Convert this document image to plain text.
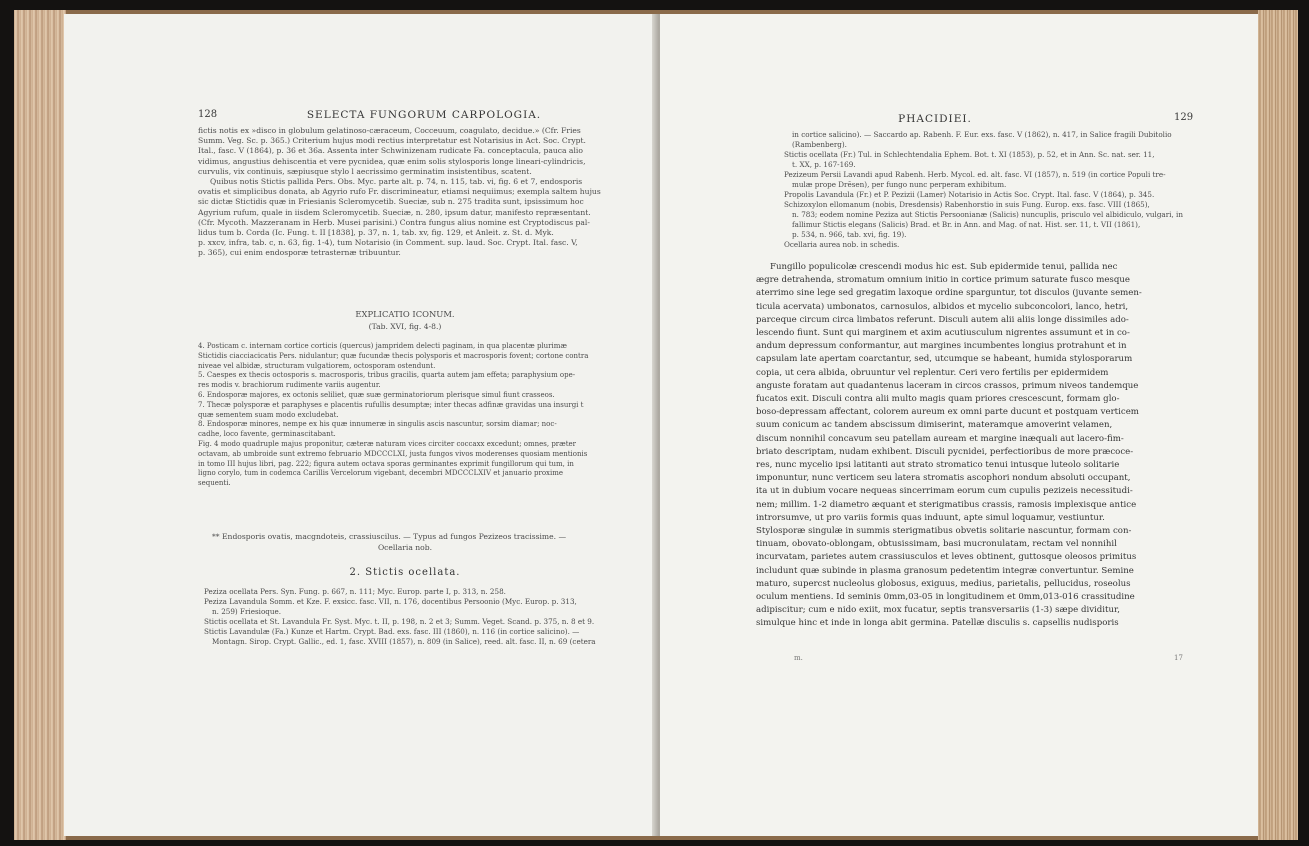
128	SELECTA FUNGORUM CARPOLOGIA.

fictis notis ex »disco in globulum gelatinoso-cæraceum, Cocceuum, coagulato, decidue.» (Cfr. Fries

Summ. Veg. Sc. p. 365.) Criterium hujus modi rectius interpretatur est Notarisius in Act. Soc. Crypt.

Ital., fasc. V (1864), p. 36 et 36a. Assenta inter Schwinizenam rudicate Fa. conceptacula, pauca alio

vidimus, angustius dehiscentia et vere pycnidea, quæ enim solis stylosporis longe lineari-cylindricis,

curvulis, vix continuis, sæpiusque stylo l aecrissimo germinatim insistentibus, scatent.

Quibus notis Stictis pallida Pers. Obs. Myc. parte alt. p. 74, n. 115, tab. vi, fig. 6 et 7, endosporis

ovatis et simplicibus donata, ab Agyrio rufo Fr. discrimineatur, etiamsi nequiimus; exempla saltem hujus

sic dictæ Stictidis quæ in Friesianis Scleromycetib. Sueciæ, sub n. 275 tradita sunt, ipsissimum hoc

Agyrium rufum, quale in iisdem Scleromycetib. Sueciæ, n. 280, ipsum datur, manifesto repræsentant.

(Cfr. Mycoth. Mazzeranam in Herb. Musei parisini.) Contra fungus alius nomine est Cryptodiscus pal-

lidus tum b. Corda (Ic. Fung. t. II [1838], p. 37, n. 1, tab. xv, fig. 129, et Anleit. z. St. d. Myk.

p. xxcv, infra, tab. c, n. 63, fig. 1-4), tum Notarisio (in Comment. sup. laud. Soc. Crypt. Ital. fasc. V,

p. 365), cui enim endosporæ tetrasternæ tribuuntur.

EXPLICATIO ICONUM.
(Tab. XVI, fig. 4-8.)

4. Posticam c. internam cortice corticis (quercus) jampridem delecti paginam, in qua placentæ plurimæ

Stictidis ciacciacicatis Pers. nidulantur; quæ fucundæ thecis polysporis et macrosporis fovent; cortone contra

niveae vel albidæ, structuram vulgatiorem, octosporam ostendunt.

5. Caespes ex thecis octosporis s. macrosporis, tribus gracilis, quarta autem jam effeta; paraphysium ope-

res modis v. brachiorum rudimente variis augentur.

6. Endosporæ majores, ex octonis seliliet, quæ suæ germinatoriorum plerisque simul fiunt crasseos.

7. Thecæ polysporæ et paraphyses e placentis rufullis desumptæ; inter thecas adfinæ gravidas una insurgi t

quæ sementem suam modo excludebat.

8. Endosporæ minores, nempe ex his quæ innumeræ in singulis ascis nascuntur, sorsim diamar; noc-

cadhe, loco favente, germinascitabant.

Fig. 4 modo quadruple majus proponitur, cæteræ naturam vices circiter coccaxx excedunt; omnes, præter

octavam, ab umbroide sunt extremo februario MDCCCLXI, justa fungos vivos moderenses quosiam mentionis

in tomo III hujus libri, pag. 222; figura autem octava sporas germinantes exprimit fungillorum qui tum, in

ligno corylo, tum in codemca Carillis Vercelorum vigebant, decembri MDCCCLXIV et januario proxime

sequenti.

** Endosporis ovatis, macgndoteis, crassiuscilus. — Typus ad fungos Pezizeos tracissime. —
Ocellaria nob.
2. Stictis ocellata.

Peziza ocellata Pers. Syn. Fung. p. 667, n. 111; Myc. Europ. parte I, p. 313, n. 258.

Peziza Lavandula Somm. et Kze. F. exsicc. fasc. VII, n. 176, docentibus Persoonio (Myc. Europ. p. 313,

n. 259) Friesioque.

Stictis ocellata et St. Lavandula Fr. Syst. Myc. t. II, p. 198, n. 2 et 3; Summ. Veget. Scand. p. 375, n. 8 et 9.

Stictis Lavandulæ (Fa.) Kunze et Hartm. Crypt. Bad. exs. fasc. III (1860), n. 116 (in cortice salicino). —

Montagn. Sirop. Crypt. Gallic., ed. 1, fasc. XVIII (1857), n. 809 (in Salice), reed. alt. fasc. II, n. 69 (cetera

PHACIDIEI.	129

in cortice salicino). — Saccardo ap. Rabenh. F. Eur. exs. fasc. V (1862), n. 417, in Salice fragili Dubitolio

(Rambenberg).

Stictis ocellata (Fr.) Tul. in Schlechtendalia Ephem. Bot. t. XI (1853), p. 52, et in Ann. Sc. nat. ser. 11,

t. XX, p. 167-169.

Pezizeum Persii Lavandi apud Rabenh. Herb. Mycol. ed. alt. fasc. VI (1857), n. 519 (in cortice Populi tre-

mulæ prope Drēsen), per fungo nunc perperam exhibitum.

Propolis Lavandula (Fr.) et P. Pezizii (Lamer) Notarisio in Actis Soc. Crypt. Ital. fasc. V (1864), p. 345.

Schizoxylon ellomanum (nobis, Dresdensis) Rabenhorstio in suis Fung. Europ. exs. fasc. VIII (1865),

n. 783; eodem nomine Peziza aut Stictis Persoonianæ (Salicis) nuncuplis, prisculo vel albidiculo, vulgari, in

fallimur Stictis elegans (Salicis) Brad. et Br. in Ann. and Mag. of nat. Hist. ser. 11, t. VII (1861),

p. 534, n. 966, tab. xvi, fig. 19).

Ocellaria aurea nob. in schedis.

Fungillo populicolæ crescendi modus hic est. Sub epidermide tenui, pallida nec

ægre detrahenda, stromatum omnium initio in cortice primum saturate fusco mesque

aterrimo sine lege sed gregatim laxoque ordine sparguntur, tot disculos (juvante semen-

ticula acervata) umbonatos, carnosulos, albidos et mycelio subconcolori, lanco, hetri,

parceque circum circa limbatos referunt. Disculi autem alii aliis longe dissimiles ado-

lescendo fiunt. Sunt qui marginem et axim acutiusculum nigrentes assumunt et in co-

andum depressum conformantur, aut margines incumbentes longius protrahunt et in

capsulam late apertam coarctantur, sed, utcumque se habeant, humida stylosporarum

copia, ut cera albida, obruuntur vel replentur. Ceri vero fertilis per epidermidem

anguste foratam aut quadantenus laceram in circos crassos, primum niveos tandemque

fucatos exit. Disculi contra alii multo magis quam priores crescescunt, formam glo-

boso-depressam affectant, colorem aureum ex omni parte ducunt et postquam verticem

suum conicum ac tandem abscissum dimiserint, materamque amoverint velamen,

discum nonnihil concavum seu patellam auream et margine inæquali aut lacero-fim-

briato descriptam, nudam exhibent. Disculi pycnidei, perfectioribus de more præcoce-

res, nunc mycelio ipsi latitanti aut strato stromatico tenui intusque luteolo solitarie

imponuntur, nunc verticem seu latera stromatis ascophori nondum absoluti occupant,

ita ut in dubium vocare nequeas sincerrimam eorum cum cupulis pezizeis necessitudi-

nem; millim. 1-2 diametro æquant et sterigmatibus crassis, ramosis implexisque antice

introrsumve, ut pro variis formis quas induunt, apte simul loquamur, vestiuntur.

Stylosporæ singulæ in summis sterigmatibus obvetis solitarie nascuntur, formam con-

tinuam, obovato-oblongam, obtusissimam, basi mucronulatam, rectam vel nonnihil

incurvatam, parietes autem crassiusculos et leves obtinent, guttosque oleosos primitus

includunt quæ subinde in plasma granosum pedetentim integræ convertuntur. Semine

maturo, supercst nucleolus globosus, exiguus, medius, parietalis, pellucidus, roseolus

oculum mentiens. Id seminis 0mm,03-05 in longitudinem et 0mm,013-016 crassitudine

adipiscitur; cum e nido exiit, mox fucatur, septis transversariis (1-3) sæpe dividitur,

simulque hinc et inde in longa abit germina. Patellæ disculis s. capsellis nudisporis

m.	17
